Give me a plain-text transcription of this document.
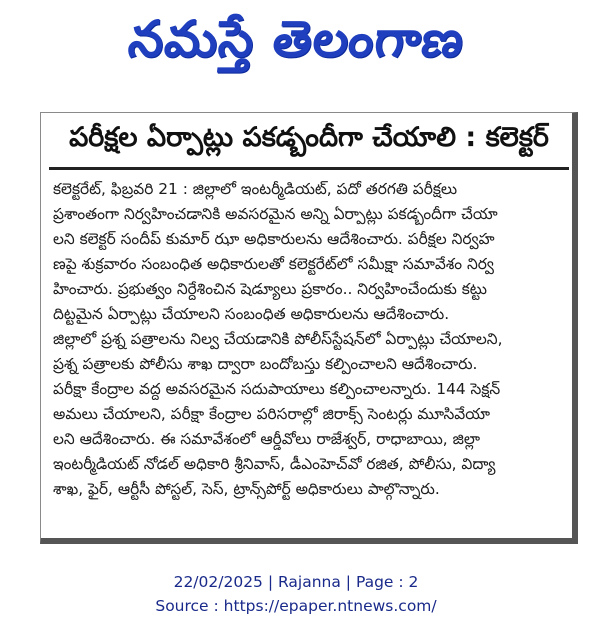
నమస్తే తెలంగాణ
పరీక్షల ఏర్పాట్లు పకడ్బందీగా చేయాలి : కలెక్టర్
కలెక్టరేట్, ఫిబ్రవరి 21 : జిల్లాలో ఇంటర్మీడియట్, పదో తరగతి పరీక్షలు
ప్రశాంతంగా నిర్వహించడానికి అవసరమైన అన్ని ఏర్పాట్లు పకడ్బందీగా చేయా
లని కలెక్టర్ సందీప్ కుమార్ ఝా అధికారులను ఆదేశించారు. పరీక్షల నిర్వహ
ణపై శుక్రవారం సంబంధిత అధికారులతో కలెక్టరేట్‌లో సమీక్షా సమావేశం నిర్వ
హించారు. ప్రభుత్వం నిర్దేశించిన షెడ్యూలు ప్రకారం.. నిర్వహించేందుకు కట్టు
దిట్టమైన ఏర్పాట్లు చేయాలని సంబంధిత అధికారులను ఆదేశించారు.
జిల్లాలో ప్రశ్న పత్రాలను నిల్వ చేయడానికి పోలీస్‌స్టేషన్‌లో ఏర్పాట్లు చేయాలని,
ప్రశ్న పత్రాలకు పోలీసు శాఖ ద్వారా బందోబస్తు కల్పించాలని ఆదేశించారు.
పరీక్షా కేంద్రాల వద్ద అవసరమైన సదుపాయాలు కల్పించాలన్నారు. 144 సెక్షన్
అమలు చేయాలని, పరీక్షా కేంద్రాల పరిసరాల్లో జిరాక్స్ సెంటర్లు మూసివేయా
లని ఆదేశించారు. ఈ సమావేశంలో ఆర్డీవోలు రాజేశ్వర్, రాధాబాయి, జిల్లా
ఇంటర్మీడియట్ నోడల్ అధికారి శ్రీనివాస్, డీఎంహెచ్‌వో రజిత, పోలీసు, విద్యా
శాఖ, ఫైర్, ఆర్టీసీ పోస్టల్, సెస్, ట్రాన్స్‌పోర్ట్ అధికారులు పాల్గొన్నారు.
22/02/2025 | Rajanna | Page : 2
Source : https://epaper.ntnews.com/
